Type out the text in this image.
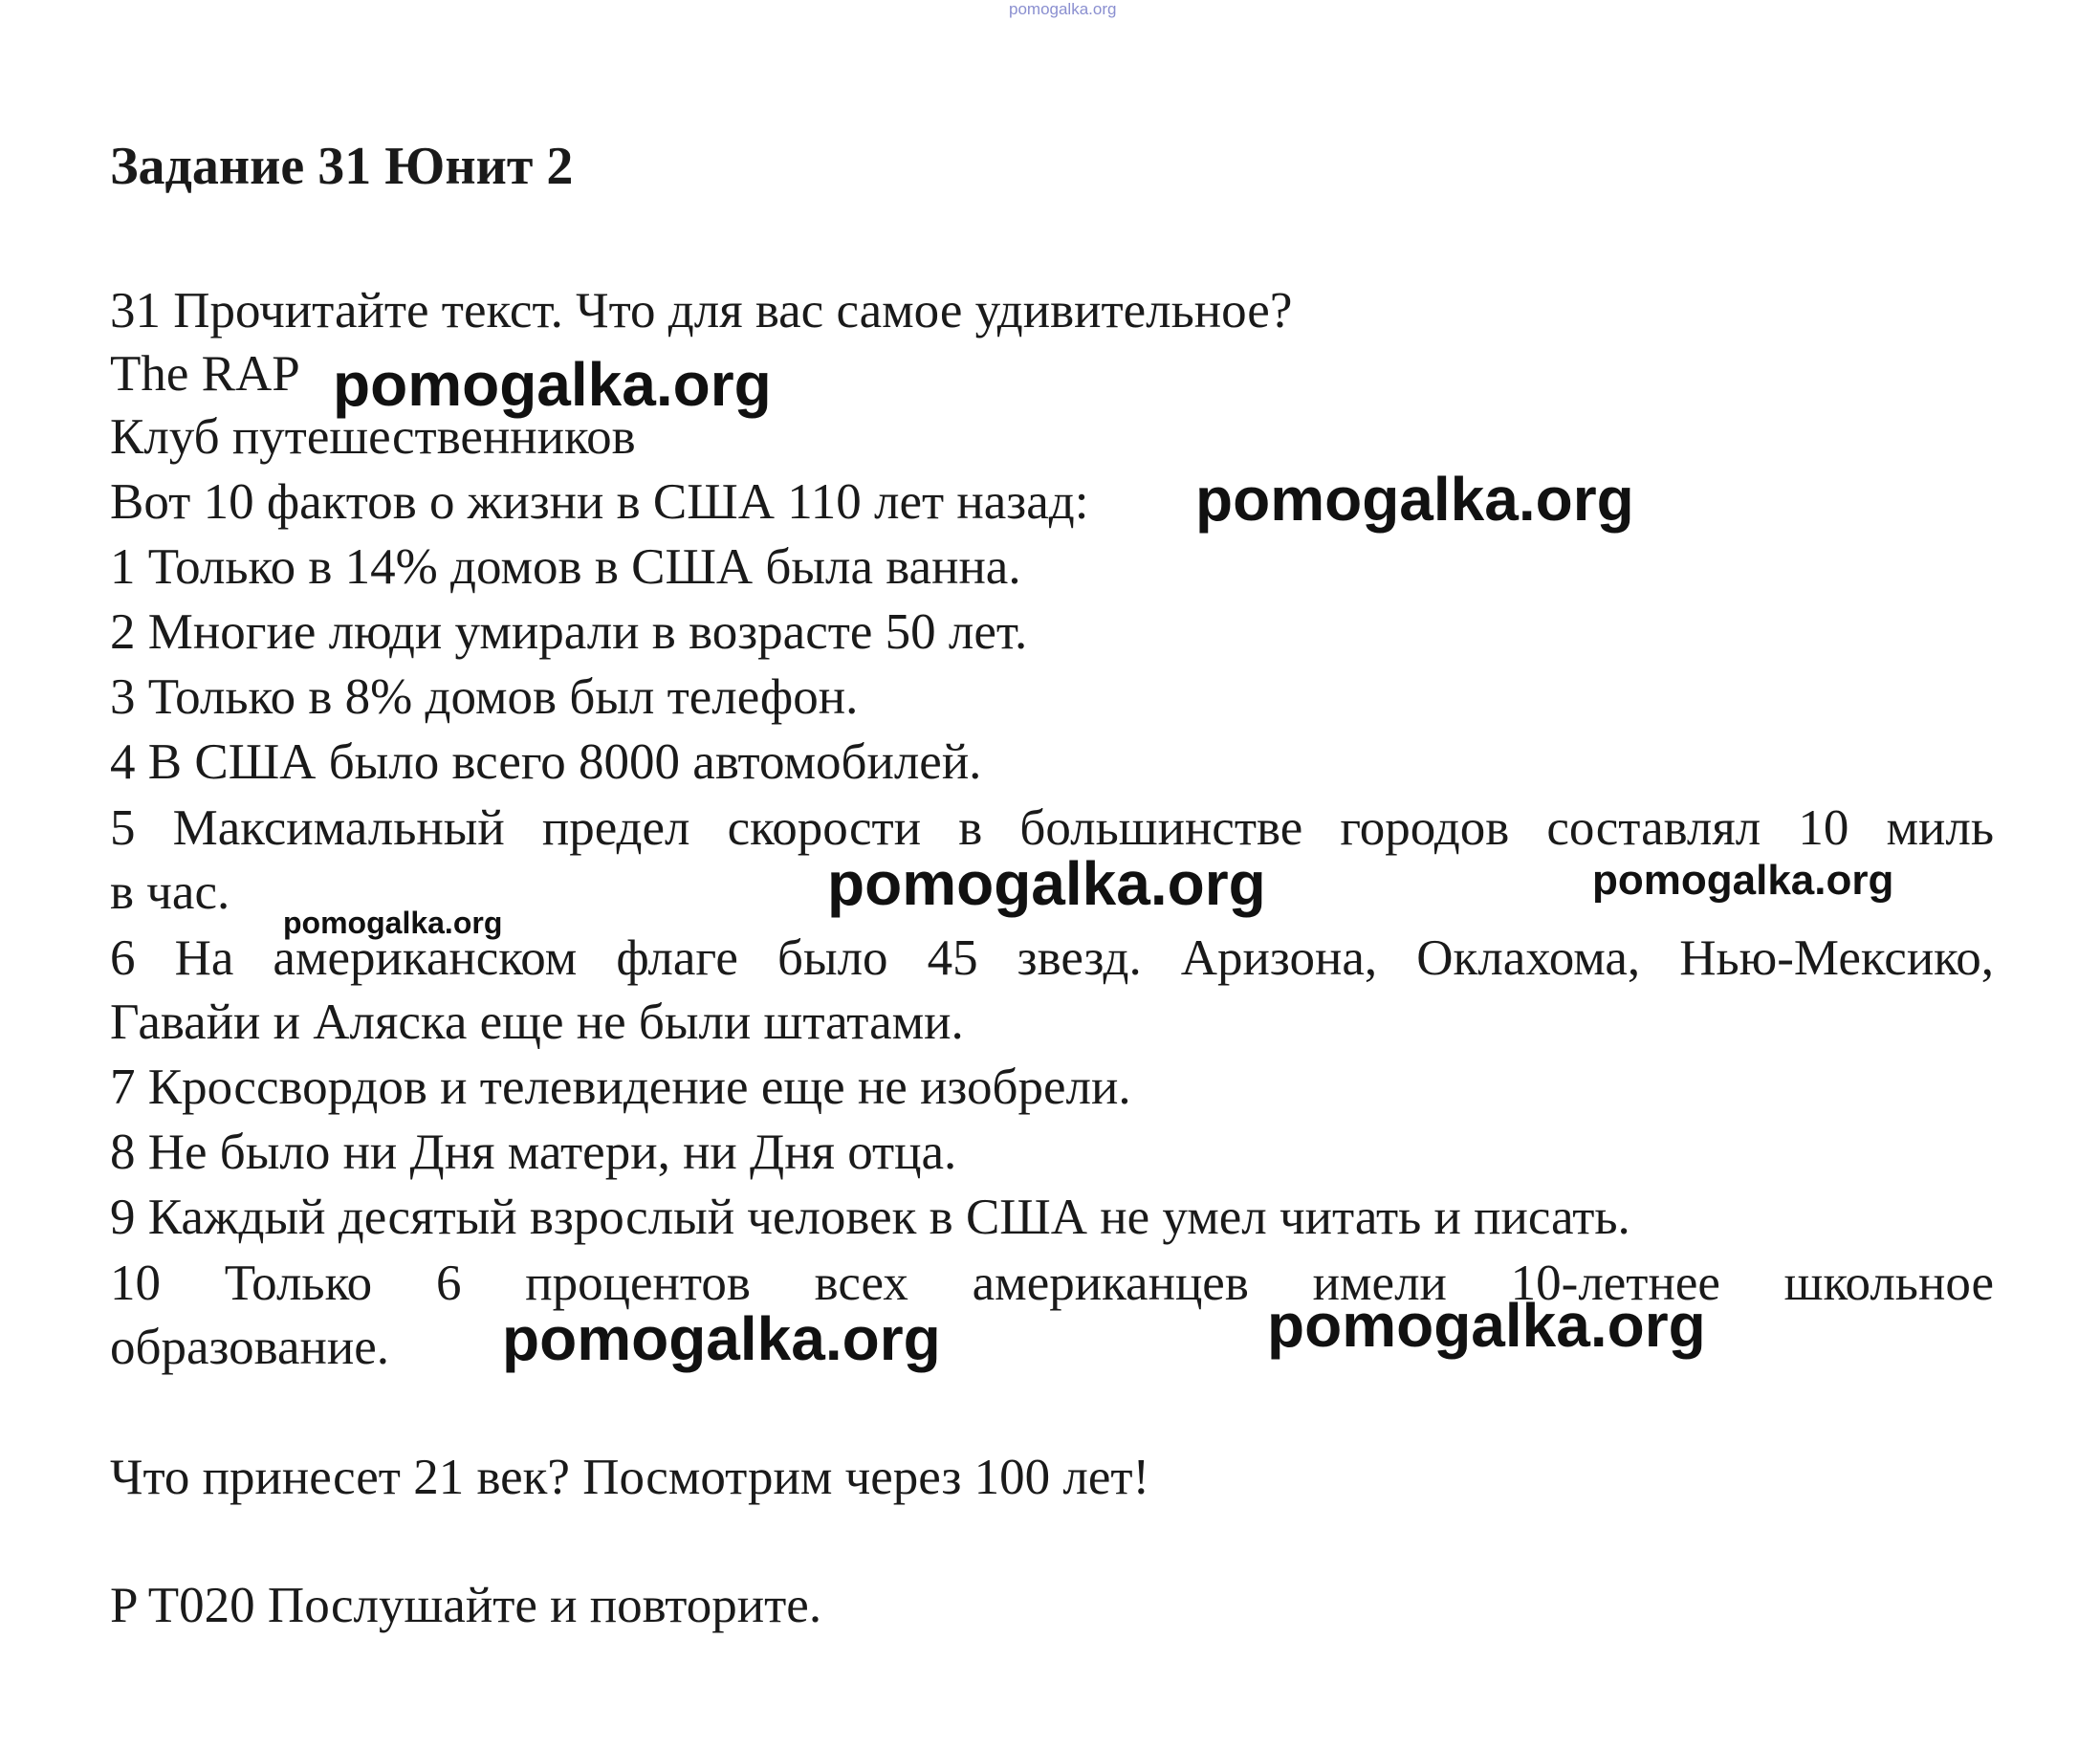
pomogalka.org
Задание 31 Юнит 2
31 Прочитайте текст. Что для вас самое удивительное?
The RAP
Клуб путешественников
Вот 10 фактов о жизни в США 110 лет назад:
1 Только в 14% домов в США была ванна.
2 Многие люди умирали в возрасте 50 лет.
3 Только в 8% домов был телефон.
4 В США было всего 8000 автомобилей.
5 Максимальный предел скорости в большинстве городов составлял 10 миль
в час.
6 На американском флаге было 45 звезд. Аризона, Оклахома, Нью-Мексико,
Гавайи и Аляска еще не были штатами.
7 Кроссвордов и телевидение еще не изобрели.
8 Не было ни Дня матери, ни Дня отца.
9 Каждый десятый взрослый человек в США не умел читать и писать.
10 Только 6 процентов всех американцев имели 10-летнее школьное
образование.
Что принесет 21 век? Посмотрим через 100 лет!
P T020 Послушайте и повторите.
pomogalka.org
pomogalka.org
pomogalka.org	pomogalka.org
pomogalka.org
pomogalka.org	pomogalka.org
